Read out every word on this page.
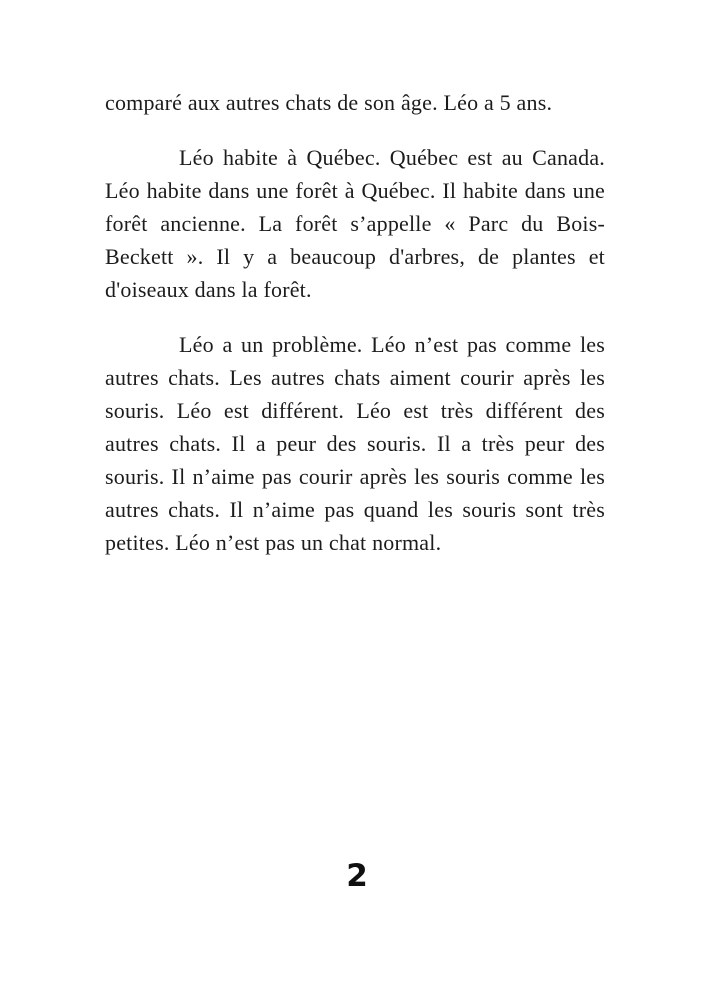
comparé aux autres chats de son âge. Léo a 5 ans.

Léo habite à Québec. Québec est au Canada. Léo habite dans une forêt à Québec. Il habite dans une forêt ancienne. La forêt s’appelle « Parc du Bois-Beckett ». Il y a beaucoup d'arbres, de plantes et d'oiseaux dans la forêt.

Léo a un problème. Léo n’est pas comme les autres chats. Les autres chats aiment courir après les souris. Léo est différent. Léo est très différent des autres chats. Il a peur des souris. Il a très peur des souris. Il n’aime pas courir après les souris comme les autres chats. Il n’aime pas quand les souris sont très petites. Léo n’est pas un chat normal.

2
